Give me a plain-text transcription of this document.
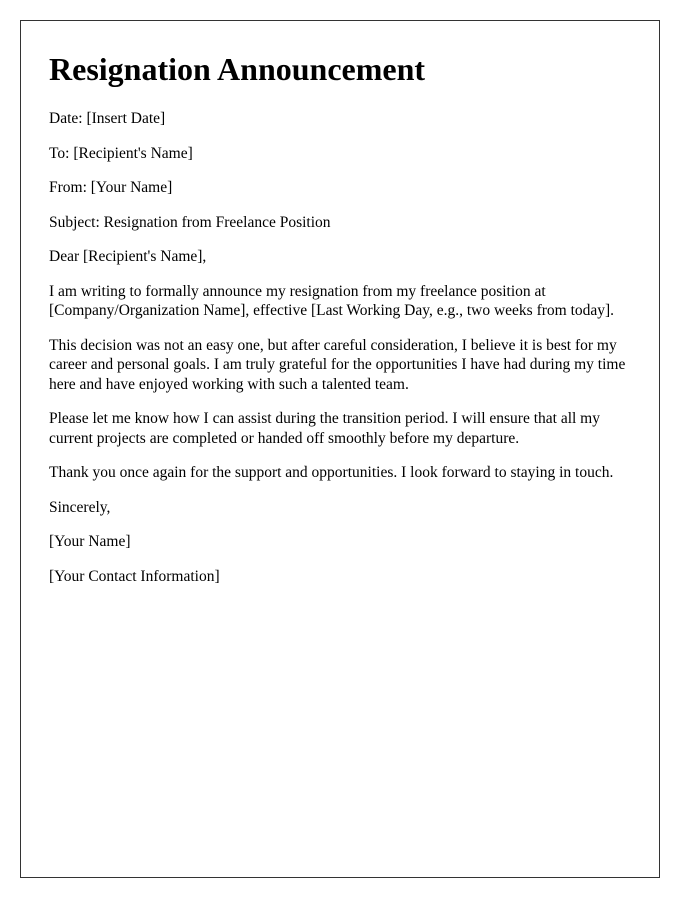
Resignation Announcement

Date: [Insert Date]

To: [Recipient's Name]

From: [Your Name]

Subject: Resignation from Freelance Position

Dear [Recipient's Name],

I am writing to formally announce my resignation from my freelance position at [Company/Organization Name], effective [Last Working Day, e.g., two weeks from today].

This decision was not an easy one, but after careful consideration, I believe it is best for my career and personal goals. I am truly grateful for the opportunities I have had during my time here and have enjoyed working with such a talented team.

Please let me know how I can assist during the transition period. I will ensure that all my current projects are completed or handed off smoothly before my departure.

Thank you once again for the support and opportunities. I look forward to staying in touch.

Sincerely,

[Your Name]

[Your Contact Information]
